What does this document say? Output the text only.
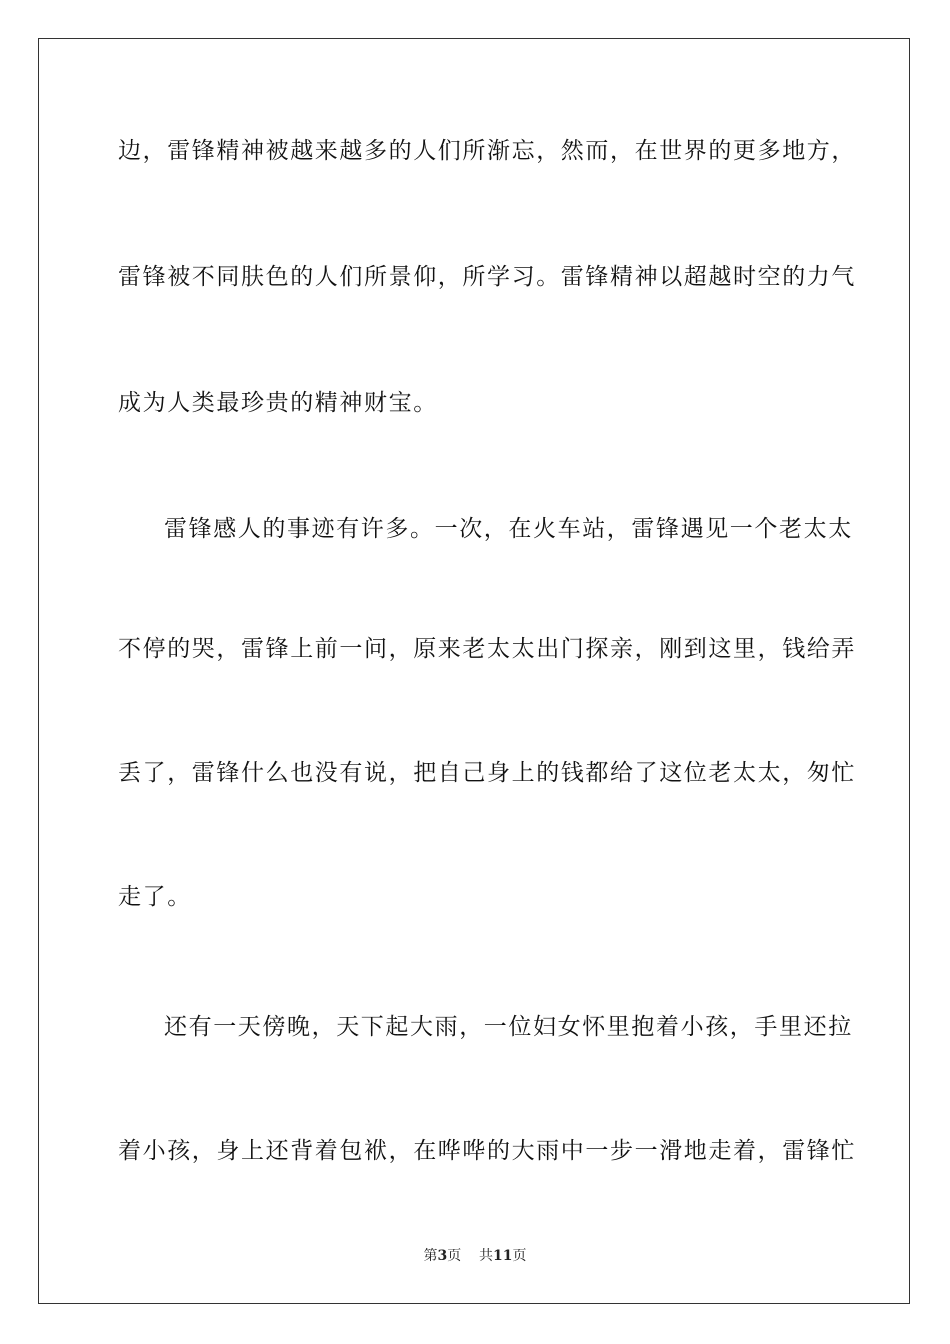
边，雷锋精神被越来越多的人们所渐忘，然而，在世界的更多地方，
雷锋被不同肤色的人们所景仰，所学习。雷锋精神以超越时空的力气
成为人类最珍贵的精神财宝。
雷锋感人的事迹有许多。一次，在火车站，雷锋遇见一个老太太
不停的哭，雷锋上前一问，原来老太太出门探亲，刚到这里，钱给弄
丢了，雷锋什么也没有说，把自己身上的钱都给了这位老太太，匆忙
走了。
还有一天傍晚，天下起大雨，一位妇女怀里抱着小孩，手里还拉
着小孩，身上还背着包袱，在哗哗的大雨中一步一滑地走着，雷锋忙
第3页 共11页
